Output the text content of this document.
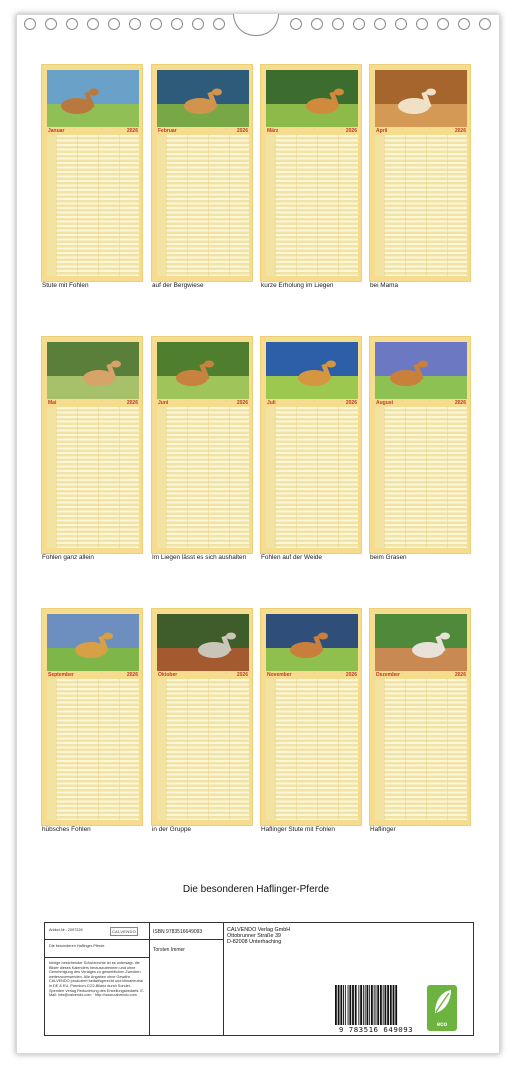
Januar	2026
Stute mit Fohlen
Februar	2026
auf der Bergwiese
März	2026
kurze Erholung im Liegen
April	2026
bei Mama
Mai	2026
Fohlen ganz allein
Juni	2026
Im Liegen lässt es sich aushalten
Juli	2026
Fohlen auf der Weide
August	2026
beim Grasen
September	2026
hübsches Fohlen
Oktober	2026
in der Gruppe
November	2026
Haflinger Stute mit Fohlen
Dezember	2026
Haflinger
Die besonderen Haflinger-Pferde
Artikel-Nr.: 2097226	CALVENDO
Die besonderen Haflinger-Pferde
Infolge bestehender Schutzrechte ist es untersagt, die Bilder dieses Kalenders herauszutrennen und ohne Genehmigung des Verlages zu gewerblichen Zwecken weiterzuverwenden. Alle Angaben ohne Gewähr. CALVENDO produziert bedarfsgerecht und klimaneutral in DE & EU. Premium-CO2-Bilanz durch Sonder-Spenden Verlag Reduzierung des Erstellungsbedarfs. E-Mail: info@calvendo.com · http://www.calvendo.com
ISBN 9783516649093
Torsten Immer
CALVENDO Verlag GmbH
Ottobrunner Straße 39
D-82008 Unterhaching
9 783516 649093	eco
